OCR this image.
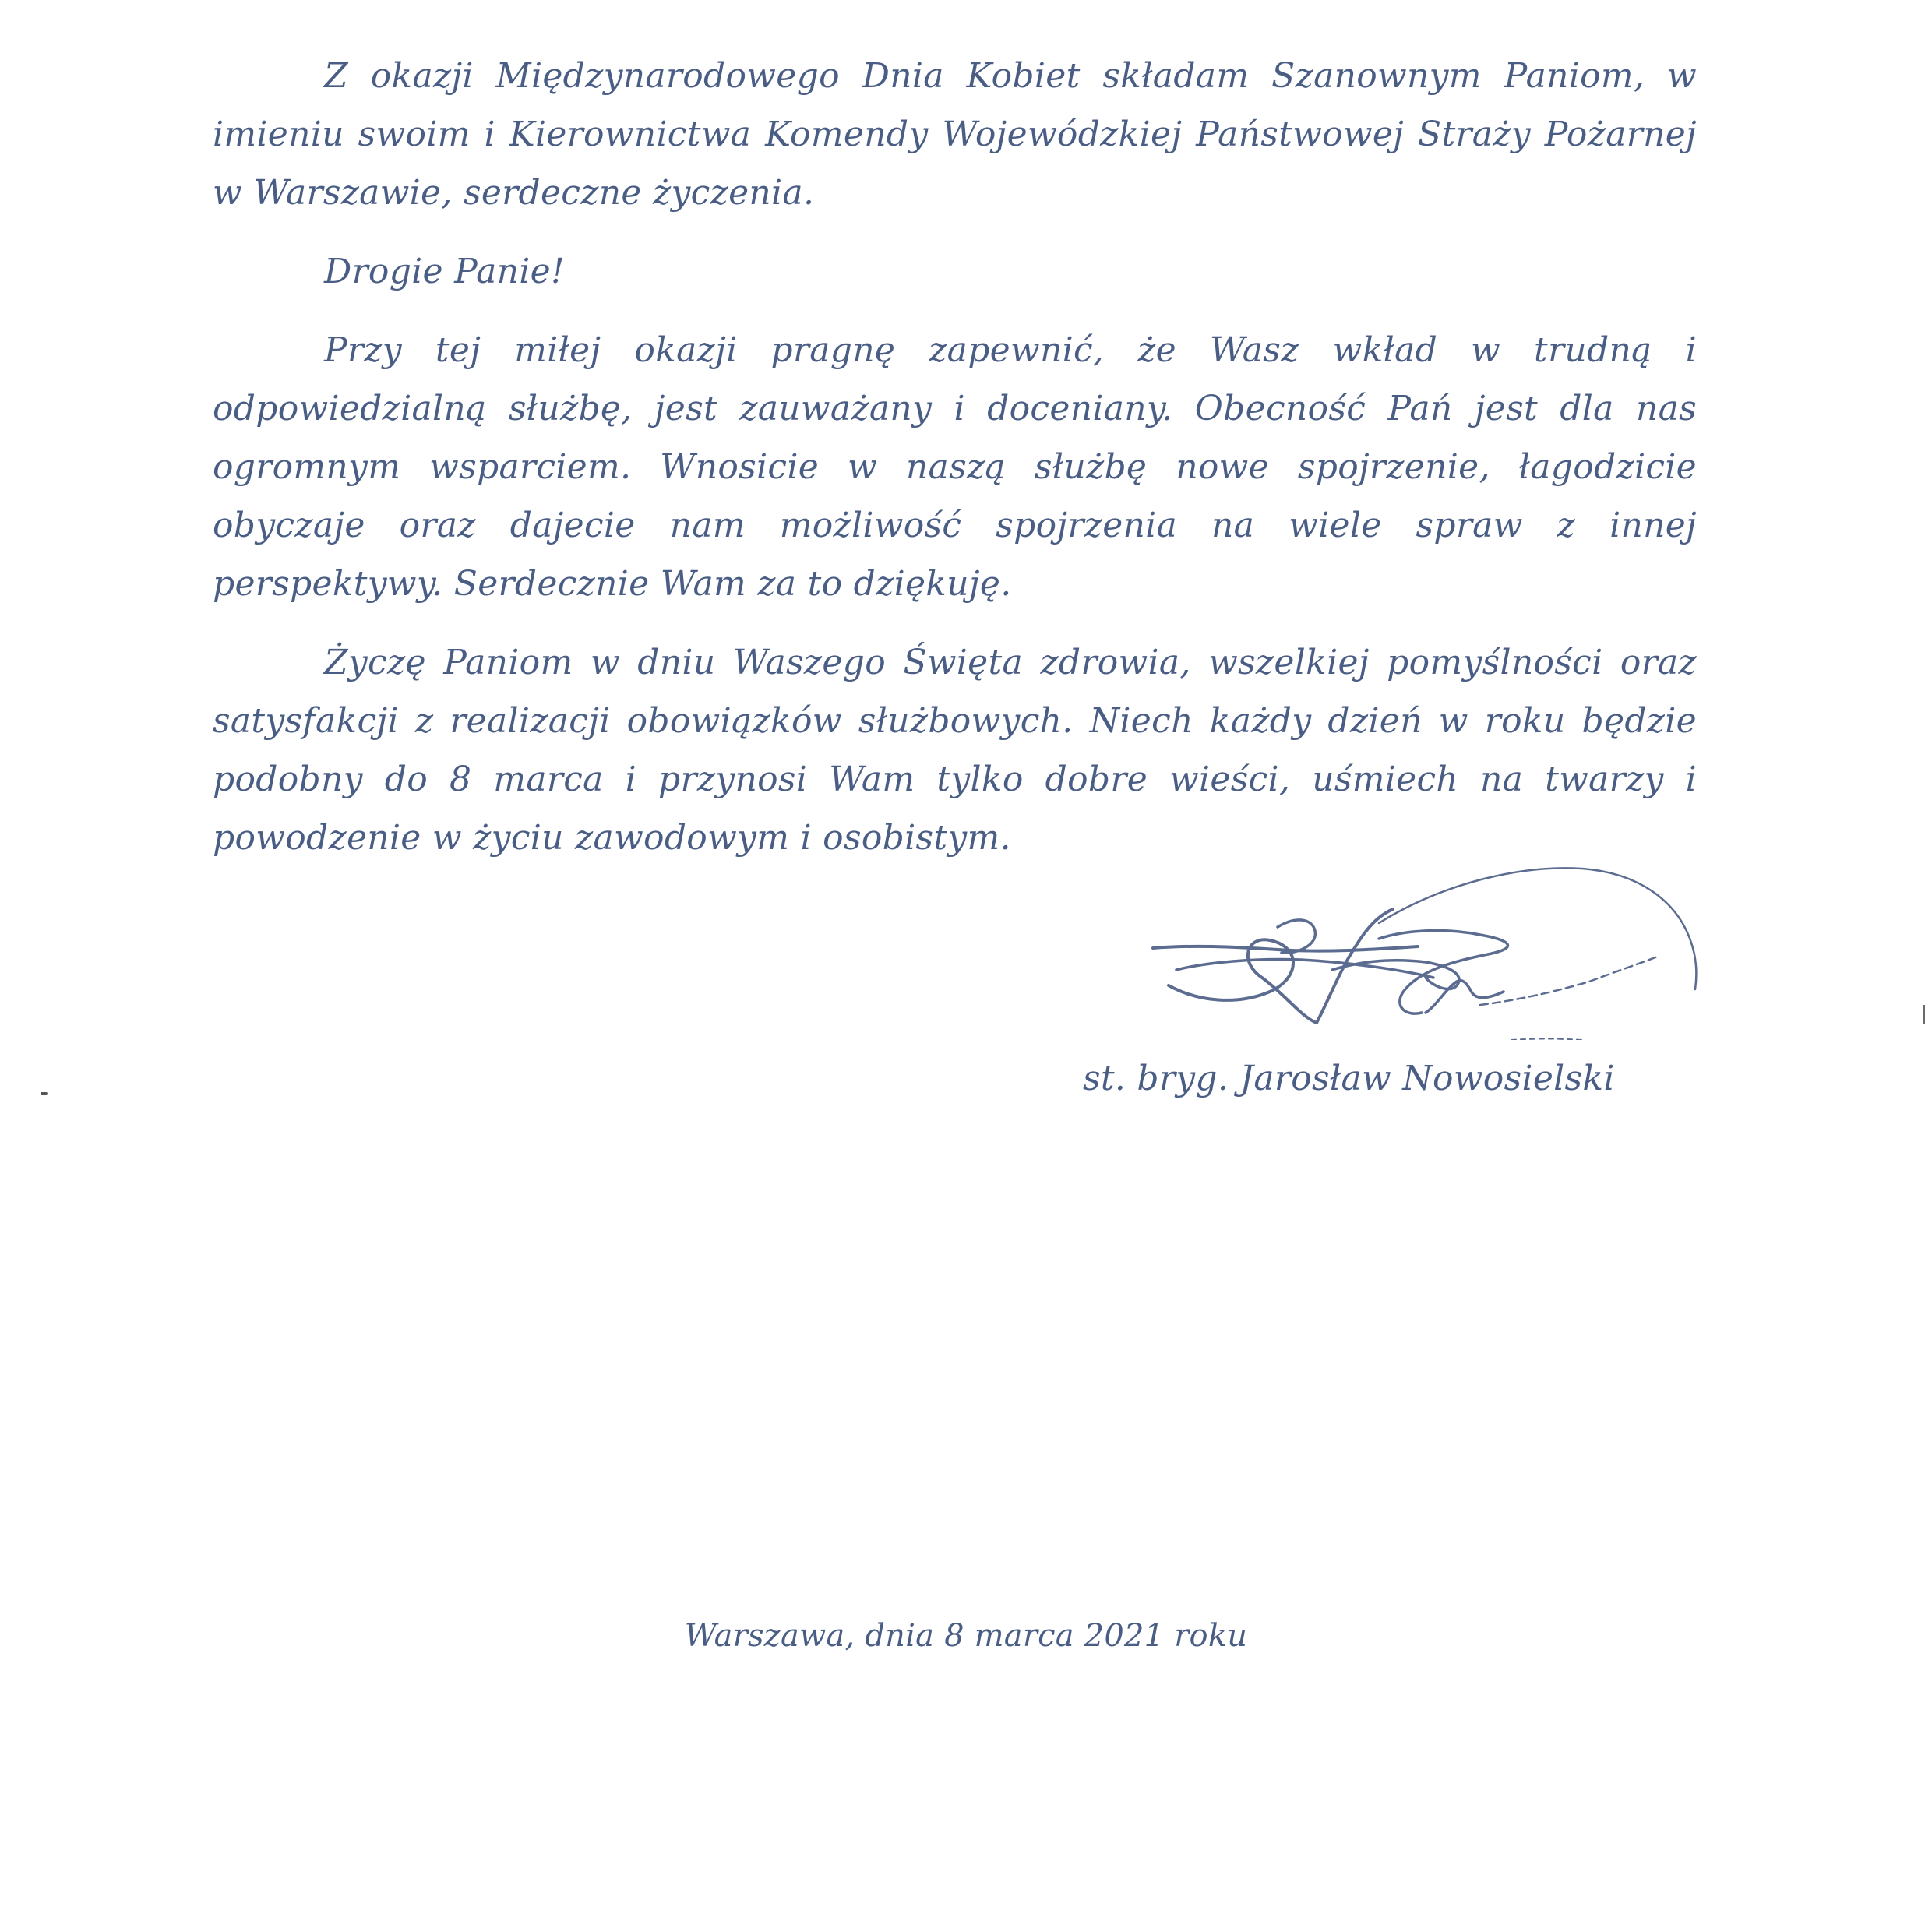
Z okazji Międzynarodowego Dnia Kobiet składam Szanownym Paniom, w imieniu swoim i Kierownictwa Komendy Wojewódzkiej Państwowej Straży Pożarnej w Warszawie, serdeczne życzenia.

Drogie Panie!

Przy tej miłej okazji pragnę zapewnić, że Wasz wkład w trudną i odpowiedzialną służbę, jest zauważany i doceniany. Obecność Pań jest dla nas ogromnym wsparciem. Wnosicie w naszą służbę nowe spojrzenie, łagodzicie obyczaje oraz dajecie nam możliwość spojrzenia na wiele spraw z innej perspektywy. Serdecznie Wam za to dziękuję.

Życzę Paniom w dniu Waszego Święta zdrowia, wszelkiej pomyślności oraz satysfakcji z realizacji obowiązków służbowych. Niech każdy dzień w roku będzie podobny do 8 marca i przynosi Wam tylko dobre wieści, uśmiech na twarzy i powodzenie w życiu zawodowym i osobistym.

st. bryg. Jarosław Nowosielski
Warszawa, dnia 8 marca 2021 roku
